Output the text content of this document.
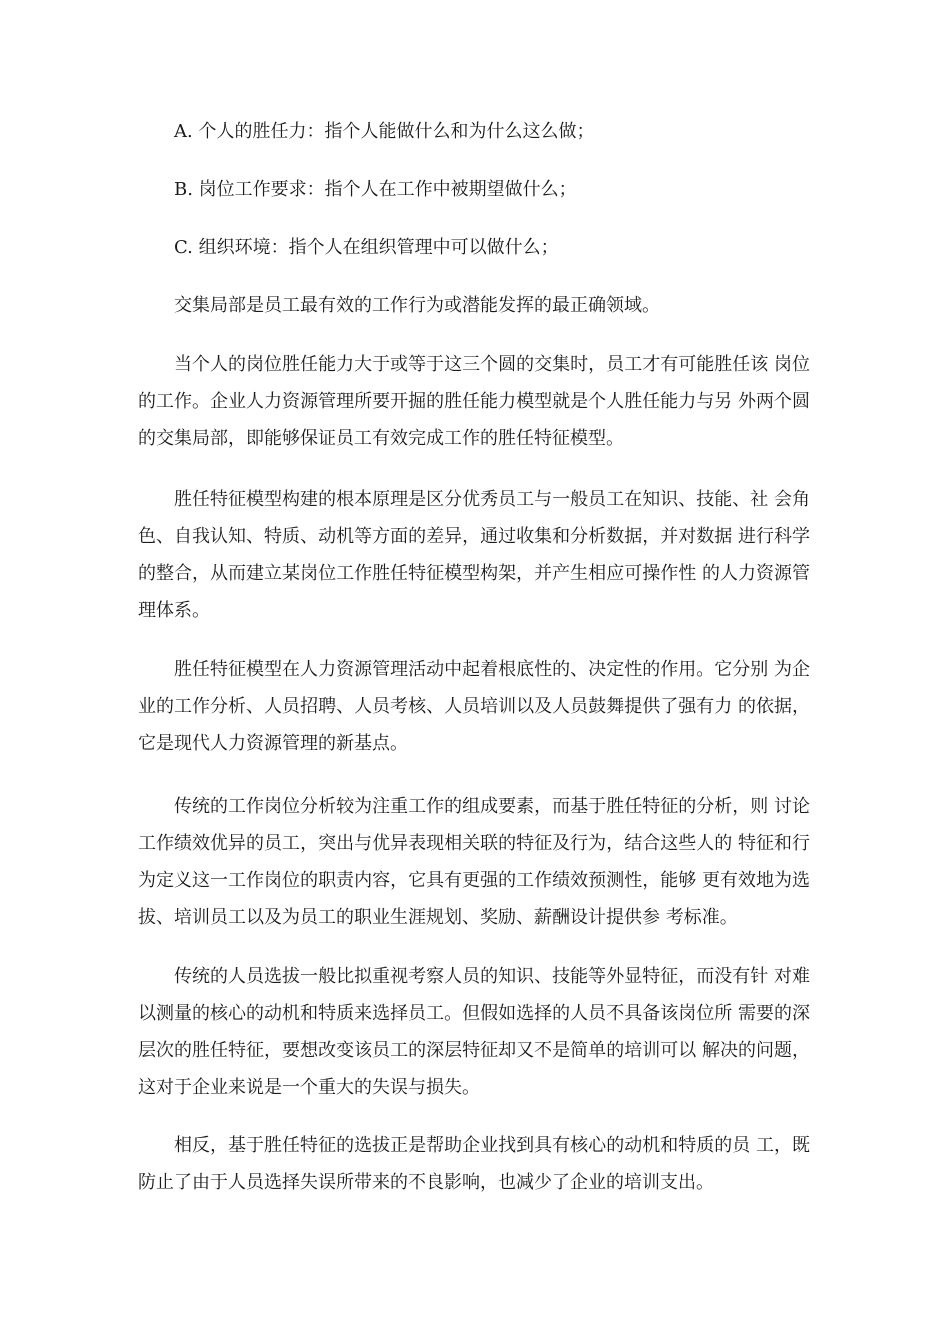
A. 个人的胜任力：指个人能做什么和为什么这么做；
B. 岗位工作要求：指个人在工作中被期望做什么；
C. 组织环境：指个人在组织管理中可以做什么；
交集局部是员工最有效的工作行为或潜能发挥的最正确领域。
当个人的岗位胜任能力大于或等于这三个圆的交集时，员工才有可能胜任该 岗位的工作。企业人力资源管理所要开掘的胜任能力模型就是个人胜任能力与另 外两个圆的交集局部，即能够保证员工有效完成工作的胜任特征模型。
胜任特征模型构建的根本原理是区分优秀员工与一般员工在知识、技能、社 会角色、自我认知、特质、动机等方面的差异，通过收集和分析数据，并对数据 进行科学的整合，从而建立某岗位工作胜任特征模型构架，并产生相应可操作性 的人力资源管理体系。
胜任特征模型在人力资源管理活动中起着根底性的、决定性的作用。它分别 为企业的工作分析、人员招聘、人员考核、人员培训以及人员鼓舞提供了强有力 的依据，它是现代人力资源管理的新基点。
传统的工作岗位分析较为注重工作的组成要素，而基于胜任特征的分析，则 讨论工作绩效优异的员工，突出与优异表现相关联的特征及行为，结合这些人的 特征和行为定义这一工作岗位的职责内容，它具有更强的工作绩效预测性，能够 更有效地为选拔、培训员工以及为员工的职业生涯规划、奖励、薪酬设计提供参 考标准。
传统的人员选拔一般比拟重视考察人员的知识、技能等外显特征，而没有针 对难以测量的核心的动机和特质来选择员工。但假如选择的人员不具备该岗位所 需要的深层次的胜任特征，要想改变该员工的深层特征却又不是简单的培训可以 解决的问题，这对于企业来说是一个重大的失误与损失。
相反，基于胜任特征的选拔正是帮助企业找到具有核心的动机和特质的员 工，既防止了由于人员选择失误所带来的不良影响，也减少了企业的培训支出。
